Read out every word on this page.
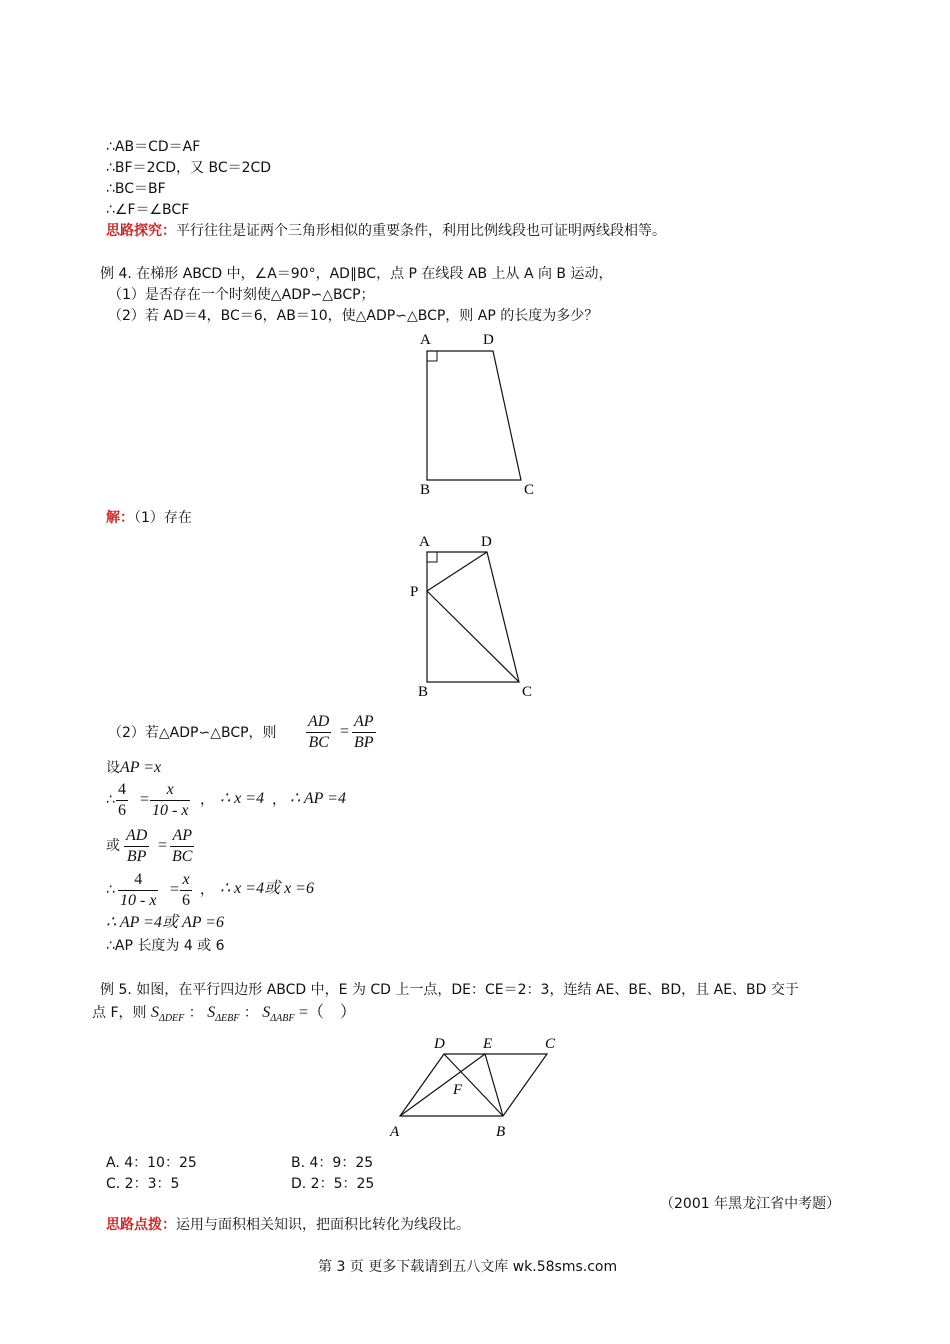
∴AB＝CD＝AF
∴BF＝2CD，又 BC＝2CD
∴BC＝BF
∴∠F＝∠BCF
思路探究：平行往往是证两个三角形相似的重要条件，利用比例线段也可证明两线段相等。
例 4. 在梯形 ABCD 中，∠A＝90°，AD∥BC，点 P 在线段 AB 上从 A 向 B 运动，
（1）是否存在一个时刻使△ADP∽△BCP；
（2）若 AD＝4，BC＝6，AB＝10，使△ADP∽△BCP，则 AP 的长度为多少？
A	D
B	C
解：（1）存在
A	D
P
B	C
（2）若△ADP∽△BCP，则 $\frac{AD}{BC} = \frac{AP}{BP}$
设AP =x
∴ $\frac{4}{6} = \frac{x}{10 - x}$ ， ∴ x =4 ， ∴ AP =4
或 $\frac{AD}{BP} = \frac{AP}{BC}$
∴ $\frac{4}{10 - x} = \frac{x}{6}$ ， ∴ x =4或 x =6
∴ AP =4或 AP =6
∴AP 长度为 4 或 6
例 5. 如图，在平行四边形 ABCD 中，E 为 CD 上一点，DE：CE＝2：3，连结 AE、BE、BD，且 AE、BD 交于
点 F，则 $S_{\Delta DEF}$ ： $S_{\Delta EBF}$ ： $S_{\Delta ABF}$ =（　）
D	E	C
F
A	B
A. 4：10：25	B. 4：9：25
C. 2：3：5	D. 2：5：25
（2001 年黑龙江省中考题）
思路点拨：运用与面积相关知识，把面积比转化为线段比。
第 3 页 更多下载请到五八文库 wk.58sms.com
